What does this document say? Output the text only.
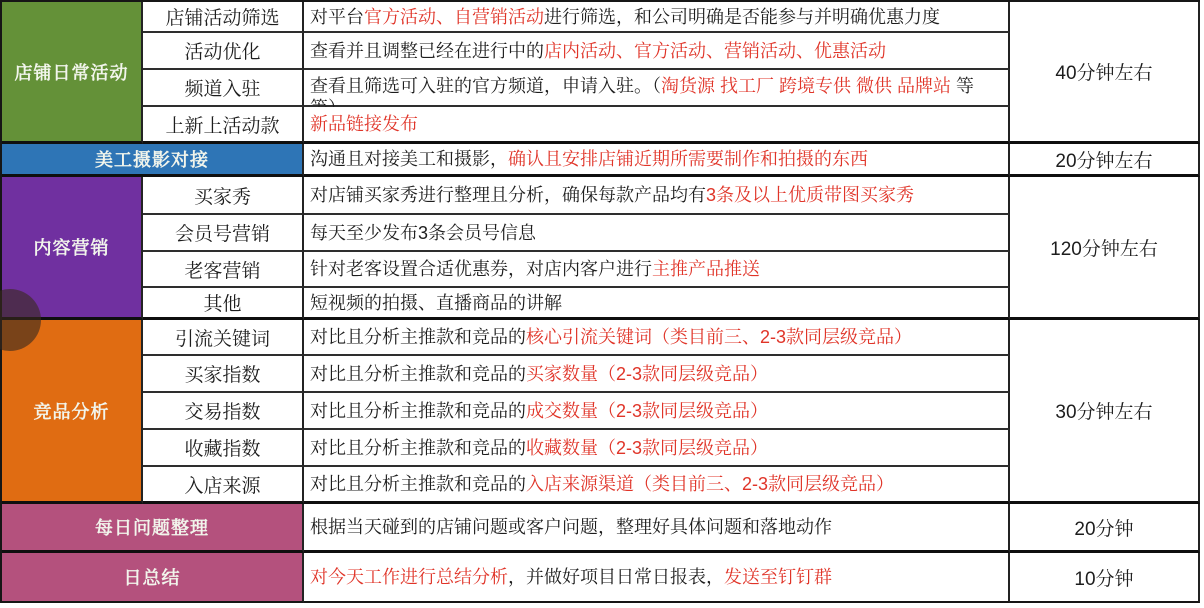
店铺日常活动
店铺活动筛选	对平台官方活动、自营销活动进行筛选，和公司明确是否能参与并明确优惠力度
40分钟左右
活动优化	查看并且调整已经在进行中的店内活动、官方活动、营销活动、优惠活动
频道入驻	查看且筛选可入驻的官方频道，申请入驻。（淘货源 找工厂 跨境专供 微供 品牌站 等

上新上活动款	新品链接发布
美工摄影对接	沟通且对接美工和摄影，确认且安排店铺近期所需要制作和拍摄的东西	20分钟左右
内容营销
买家秀	对店铺买家秀进行整理且分析，确保每款产品均有3条及以上优质带图买家秀
120分钟左右
会员号营销	每天至少发布3条会员号信息
老客营销	针对老客设置合适优惠券，对店内客户进行主推产品推送
其他	短视频的拍摄、直播商品的讲解
竞品分析
引流关键词	对比且分析主推款和竞品的核心引流关键词（类目前三、2-3款同层级竞品）
30分钟左右
买家指数	对比且分析主推款和竞品的买家数量（2-3款同层级竞品）
交易指数	对比且分析主推款和竞品的成交数量（2-3款同层级竞品）
收藏指数	对比且分析主推款和竞品的收藏数量（2-3款同层级竞品）
入店来源	对比且分析主推款和竞品的入店来源渠道（类目前三、2-3款同层级竞品）
每日问题整理	根据当天碰到的店铺问题或客户问题，整理好具体问题和落地动作	20分钟
日总结	对今天工作进行总结分析，并做好项目日常日报表，发送至钉钉群	10分钟
